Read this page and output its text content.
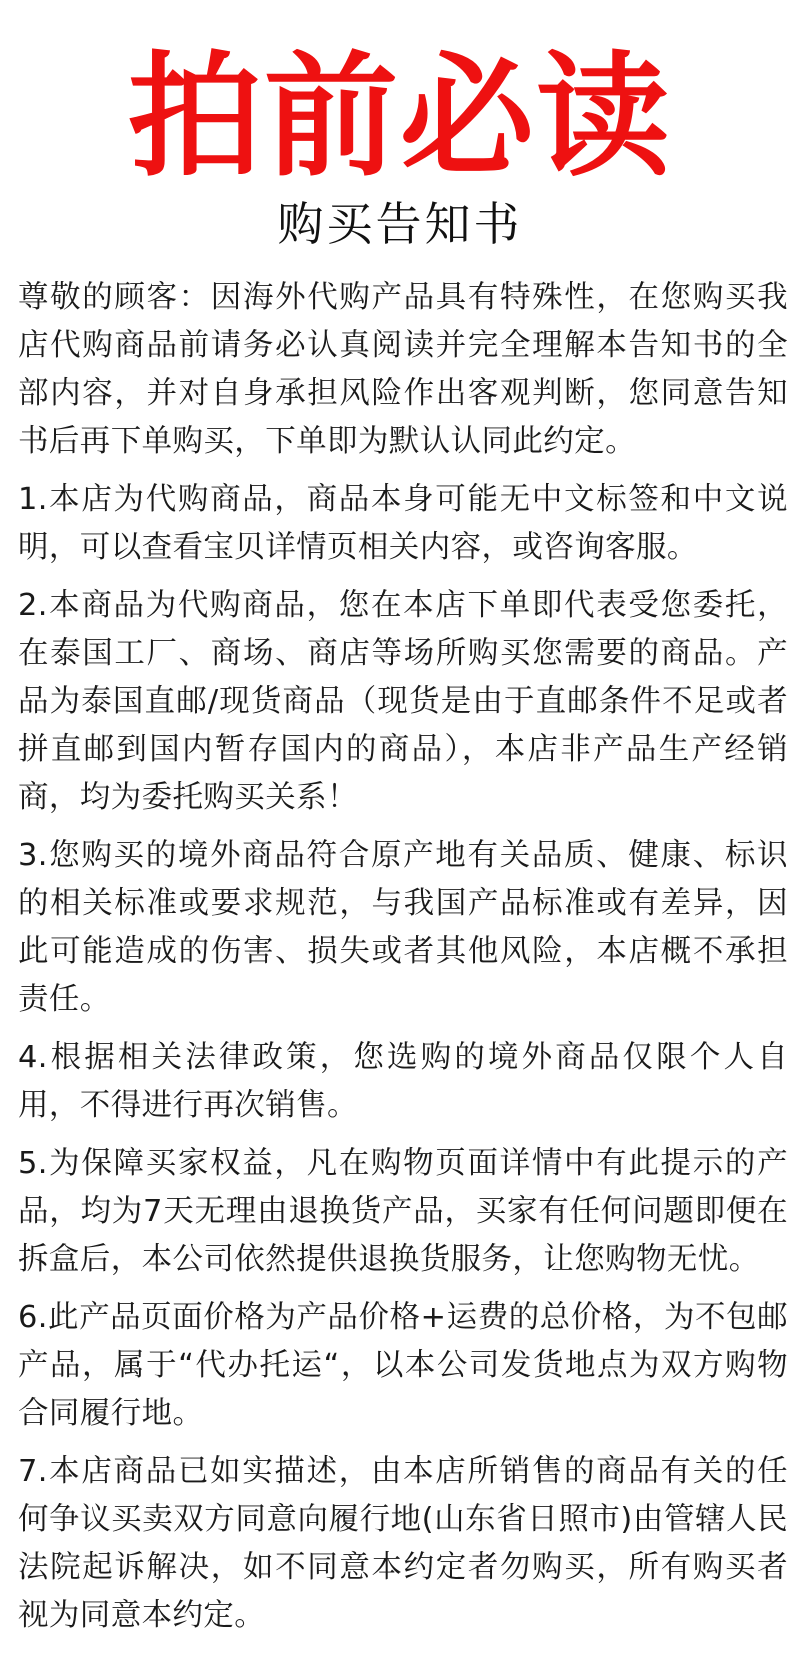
拍前必读
购买告知书

尊敬的顾客：因海外代购产品具有特殊性，在您购买我店代购商品前请务必认真阅读并完全理解本告知书的全部内容，并对自身承担风险作出客观判断，您同意告知书后再下单购买，下单即为默认认同此约定。

1.本店为代购商品，商品本身可能无中文标签和中文说明，可以查看宝贝详情页相关内容，或咨询客服。

2.本商品为代购商品，您在本店下单即代表受您委托，在泰国工厂、商场、商店等场所购买您需要的商品。产品为泰国直邮/现货商品（现货是由于直邮条件不足或者拼直邮到国内暂存国内的商品），本店非产品生产经销商，均为委托购买关系！

3.您购买的境外商品符合原产地有关品质、健康、标识的相关标准或要求规范，与我国产品标准或有差异，因此可能造成的伤害、损失或者其他风险，本店概不承担责任。

4.根据相关法律政策，您选购的境外商品仅限个人自用，不得进行再次销售。

5.为保障买家权益，凡在购物页面详情中有此提示的产品，均为7天无理由退换货产品，买家有任何问题即便在拆盒后，本公司依然提供退换货服务，让您购物无忧。

6.此产品页面价格为产品价格+运费的总价格，为不包邮产品，属于“代办托运“，以本公司发货地点为双方购物合同履行地。

7.本店商品已如实描述，由本店所销售的商品有关的任何争议买卖双方同意向履行地(山东省日照市)由管辖人民法院起诉解决，如不同意本约定者勿购买，所有购买者视为同意本约定。
